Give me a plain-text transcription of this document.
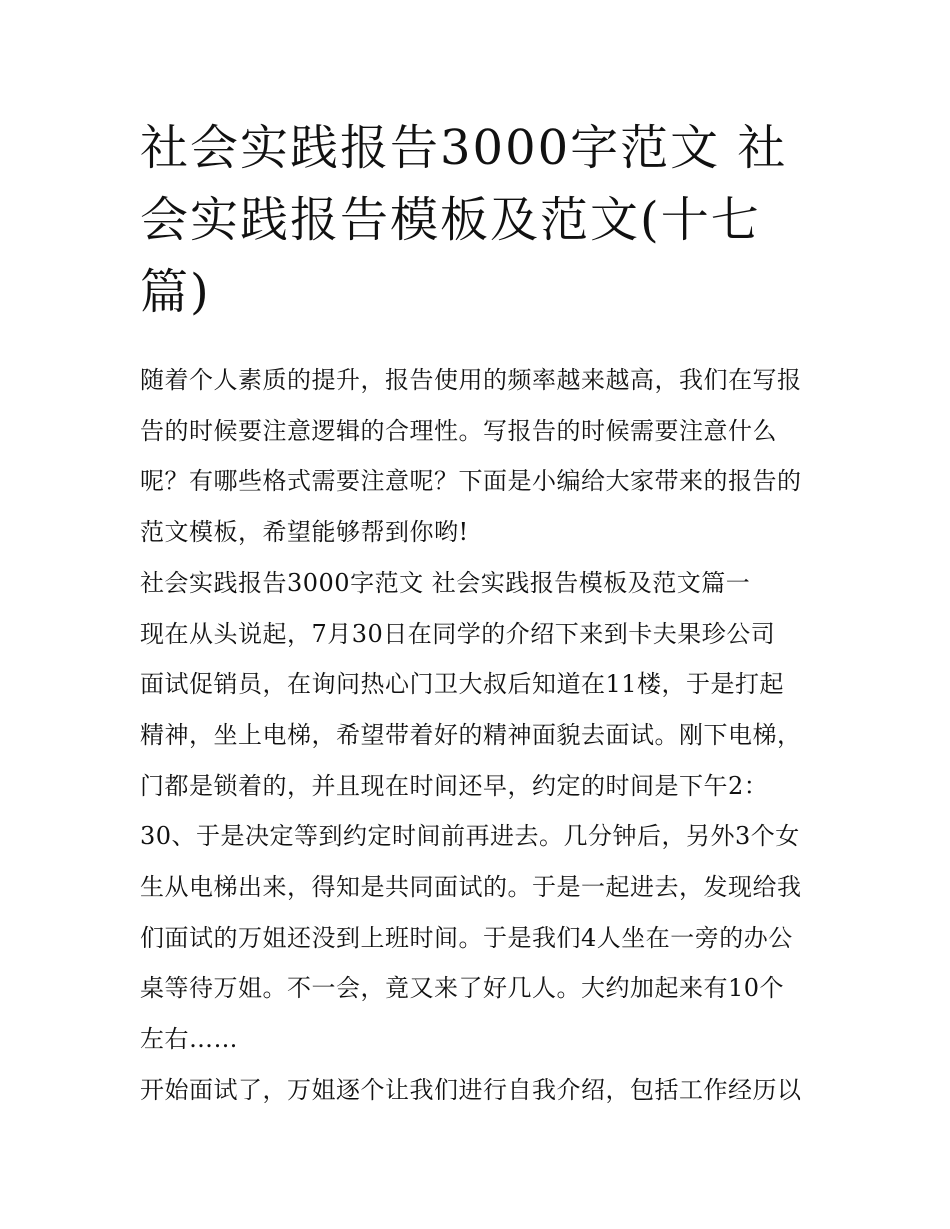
社会实践报告3000字范文 社
会实践报告模板及范文(十七
篇)
随着个人素质的提升，报告使用的频率越来越高，我们在写报
告的时候要注意逻辑的合理性。写报告的时候需要注意什么
呢？有哪些格式需要注意呢？下面是小编给大家带来的报告的
范文模板，希望能够帮到你哟!
社会实践报告3000字范文 社会实践报告模板及范文篇一
现在从头说起，7月30日在同学的介绍下来到卡夫果珍公司
面试促销员，在询问热心门卫大叔后知道在11楼，于是打起
精神，坐上电梯，希望带着好的精神面貌去面试。刚下电梯，
门都是锁着的，并且现在时间还早，约定的时间是下午2：
30、于是决定等到约定时间前再进去。几分钟后，另外3个女
生从电梯出来，得知是共同面试的。于是一起进去，发现给我
们面试的万姐还没到上班时间。于是我们4人坐在一旁的办公
桌等待万姐。不一会，竟又来了好几人。大约加起来有10个
左右……
开始面试了，万姐逐个让我们进行自我介绍，包括工作经历以
